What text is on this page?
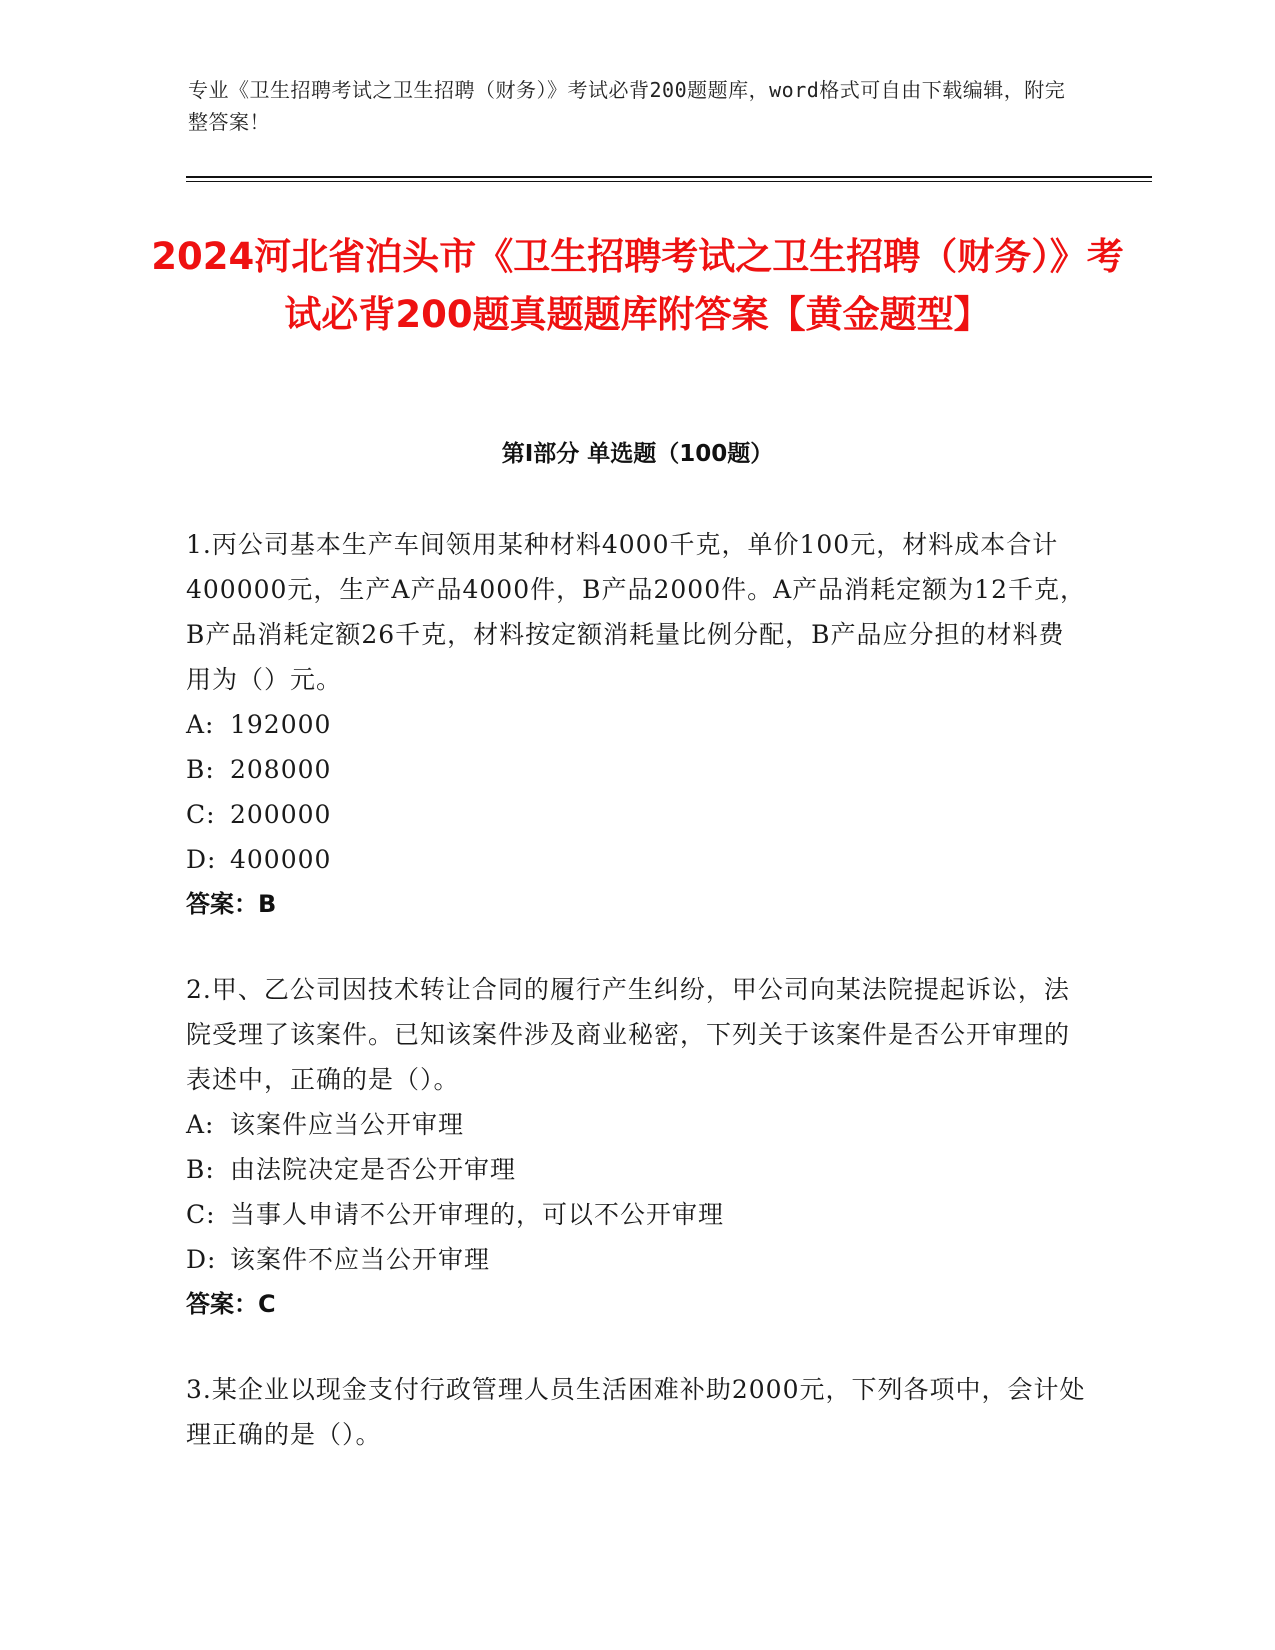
专业《卫生招聘考试之卫生招聘（财务）》考试必背200题题库，word格式可自由下载编辑，附完整答案！
2024河北省泊头市《卫生招聘考试之卫生招聘（财务）》考试必背200题真题题库附答案【黄金题型】
第I部分 单选题（100题）
1.丙公司基本生产车间领用某种材料4000千克，单价100元，材料成本合计400000元，生产A产品4000件，B产品2000件。A产品消耗定额为12千克，B产品消耗定额26千克，材料按定额消耗量比例分配，B产品应分担的材料费用为（）元。
A: 192000
B: 208000
C: 200000
D: 400000
答案：B
2.甲、乙公司因技术转让合同的履行产生纠纷，甲公司向某法院提起诉讼，法院受理了该案件。已知该案件涉及商业秘密，下列关于该案件是否公开审理的表述中，正确的是（）。
A: 该案件应当公开审理
B: 由法院决定是否公开审理
C: 当事人申请不公开审理的，可以不公开审理
D: 该案件不应当公开审理
答案：C
3.某企业以现金支付行政管理人员生活困难补助2000元，下列各项中，会计处理正确的是（）。
